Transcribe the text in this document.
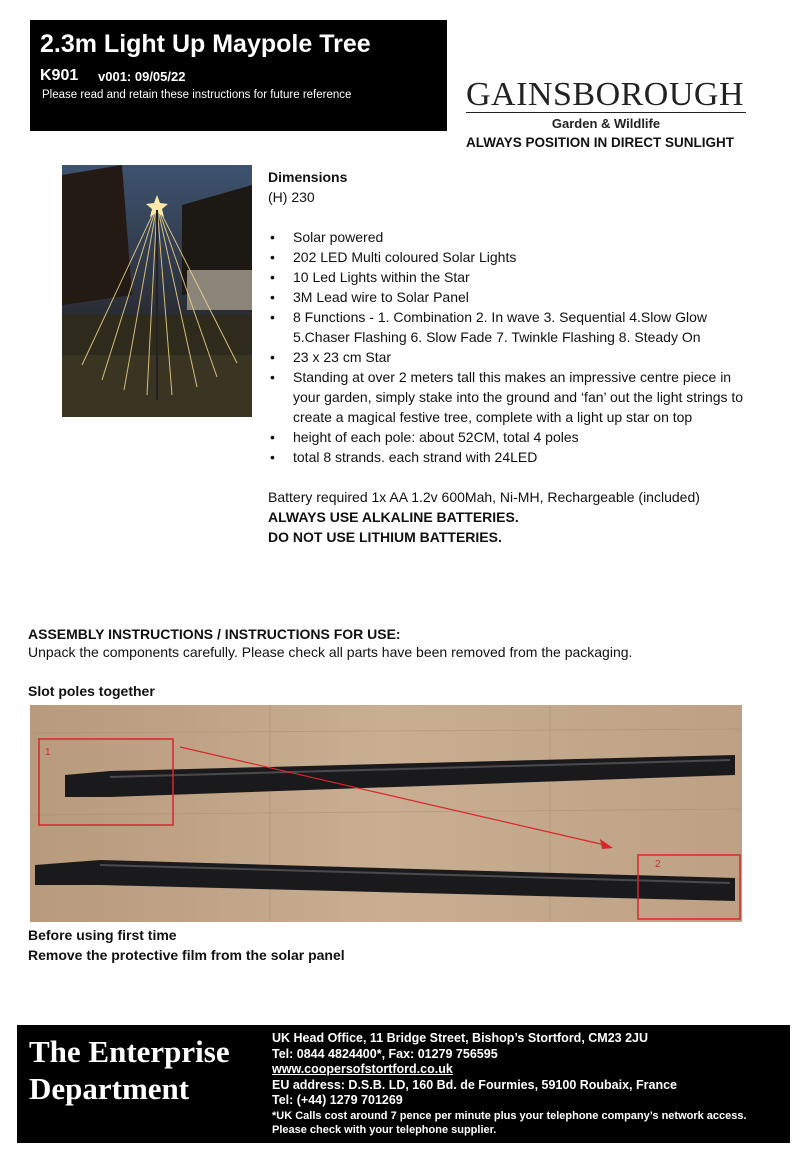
2.3m Light Up Maypole Tree
K901 v001: 09/05/22
Please read and retain these instructions for future reference	GAINSBOROUGH
Garden & Wildlife
ALWAYS POSITION IN DIRECT SUNLIGHT
Dimensions
(H) 230
• Solar powered
• 202 LED Multi coloured Solar Lights
• 10 Led Lights within the Star
• 3M Lead wire to Solar Panel
• 8 Functions - 1. Combination 2. In wave 3. Sequential 4.Slow Glow 5.Chaser Flashing 6. Slow Fade 7. Twinkle Flashing 8. Steady On
• 23 x 23 cm Star
• Standing at over 2 meters tall this makes an impressive centre piece in your garden, simply stake into the ground and ‘fan’ out the light strings to create a magical festive tree, complete with a light up star on top
• height of each pole: about 52CM, total 4 poles
• total 8 strands. each strand with 24LED
Battery required 1x AA 1.2v 600Mah, Ni-MH, Rechargeable (included)
ALWAYS USE ALKALINE BATTERIES.
DO NOT USE LITHIUM BATTERIES.
ASSEMBLY INSTRUCTIONS / INSTRUCTIONS FOR USE:
Unpack the components carefully. Please check all parts have been removed from the packaging.
Slot poles together
1
2
Before using first time
Remove the protective film from the solar panel
The Enterprise Department
UK Head Office, 11 Bridge Street, Bishop’s Stortford, CM23 2JU
Tel: 0844 4824400*, Fax: 01279 756595
www.coopersofstortford.co.uk
EU address: D.S.B. LD, 160 Bd. de Fourmies, 59100 Roubaix, France
Tel: (+44) 1279 701269
*UK Calls cost around 7 pence per minute plus your telephone company’s network access.
Please check with your telephone supplier.
